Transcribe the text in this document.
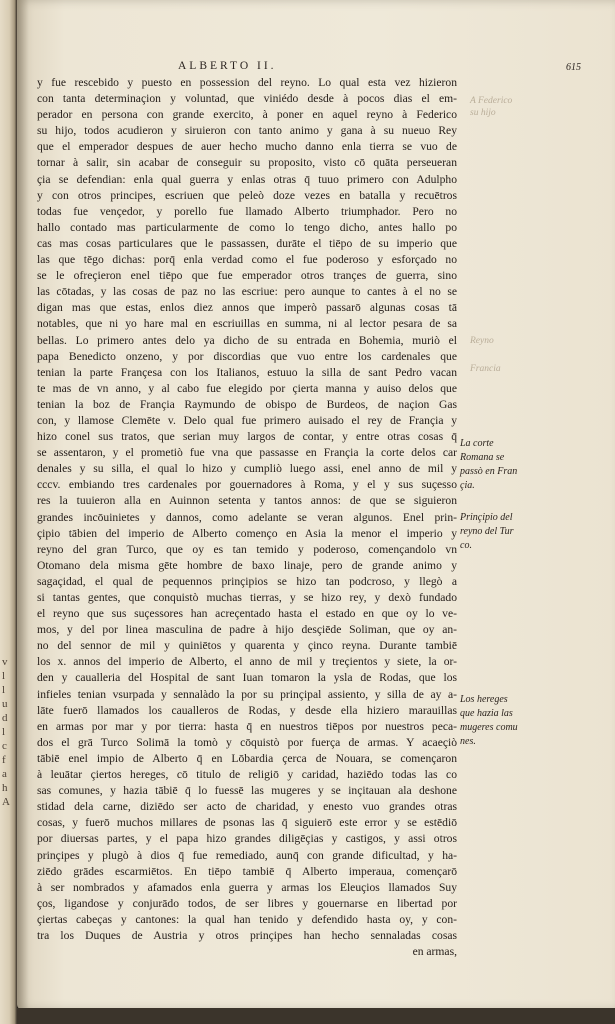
v
l
l
u
d
l
c
f
a
h
A
ALBERTO II.	615
A Federico
su hijo
Reyno
Francia
y fue rescebido y puesto en possession del reyno. Lo qual esta vez hizieron
con tanta determinaçion y voluntad, que viniédo desde à pocos dias el em-
perador en persona con grande exercito, à poner en aquel reyno à Federico
su hijo, todos acudieron y siruieron con tanto animo y gana à su nueuo Rey
que el emperador despues de auer hecho mucho danno enla tierra se vuo de
tornar à salir, sin acabar de conseguir su proposito, visto cō quāta perseueran
çia se defendian: enla qual guerra y enlas otras q̄ tuuo primero con Adulpho
y con otros principes, escriuen que peleò doze vezes en batalla y recuētros
todas fue vençedor, y porello fue llamado Alberto triumphador. Pero no
hallo contado mas particularmente de como lo tengo dicho, antes hallo po
cas mas cosas particulares que le passassen, durāte el tiēpo de su imperio que
las que tēgo dichas: porq̄ enla verdad como el fue poderoso y esforçado no
se le ofreçieron enel tiēpo que fue emperador otros trançes de guerra, sino
las cōtadas, y las cosas de paz no las escriue: pero aunque to cantes à el no se
digan mas que estas, enlos diez annos que imperò passarō algunas cosas tā
notables, que ni yo hare mal en escriuillas en summa, ni al lector pesara de sa
bellas. Lo primero antes delo ya dicho de su entrada en Bohemia, muriò el
papa Benedicto onzeno, y por discordias que vuo entre los cardenales que
tenian la parte Françesa con los Italianos, estuuo la silla de sant Pedro vacan
te mas de vn anno, y al cabo fue elegido por çierta manna y auiso delos que
tenian la boz de Françia Raymundo de obispo de Burdeos, de naçion Gas
con, y llamose Clemēte v. Delo qual fue primero auisado el rey de Françia y
hizo conel sus tratos, que serian muy largos de contar, y entre otras cosas q̄
se assentaron, y el prometiò fue vna que passasse en Françia la corte delos car
denales y su silla, el qual lo hizo y cumpliò luego assi, enel anno de mil y
cccv. embiando tres cardenales por gouernadores à Roma, y el y sus suçesso
res la tuuieron alla en Auinnon setenta y tantos annos: de que se siguieron
grandes incōuinietes y dannos, como adelante se veran algunos. Enel prin-
çipio tābien del imperio de Alberto començo en Asia la menor el imperio y
reyno del gran Turco, que oy es tan temido y poderoso, començandolo vn
Otomano dela misma gēte hombre de baxo linaje, pero de grande animo y
sagaçidad, el qual de pequennos prinçipios se hizo tan podcroso, y llegò a
si tantas gentes, que conquistò muchas tierras, y se hizo rey, y dexò fundado
el reyno que sus suçessores han acreçentado hasta el estado en que oy lo ve-
mos, y del por linea masculina de padre à hijo desçiēde Soliman, que oy an-
no del sennor de mil y quiniētos y quarenta y çinco reyna. Durante tambiē
los x. annos del imperio de Alberto, el anno de mil y treçientos y siete, la or-
den y caualleria del Hospital de sant Iuan tomaron la ysla de Rodas, que los
infieles tenian vsurpada y sennalàdo la por su prinçipal assiento, y silla de ay a-
lāte fuerō llamados los caualleros de Rodas, y desde ella hiziero marauillas
en armas por mar y por tierra: hasta q̄ en nuestros tiēpos por nuestros peca-
dos el grā Turco Solimā la tomò y cōquistò por fuerça de armas. Y acaeçiò
tābiē enel impio de Alberto q̄ en Lōbardia çerca de Nouara, se començaron
à leuātar çiertos hereges, cō titulo de religiō y caridad, haziēdo todas las co
sas comunes, y hazia tābiē q̄ lo fuessē las mugeres y se inçitauan ala deshone
stidad dela carne, diziēdo ser acto de charidad, y enesto vuo grandes otras
cosas, y fuerō muchos millares de psonas las q̄ siguierō este error y se estēdiō
por diuersas partes, y el papa hizo grandes diligēçias y castigos, y assi otros
prinçipes y plugò à dios q̄ fue remediado, aunq̄ con grande dificultad, y ha-
ziēdo grādes escarmiētos. En tiēpo tambiē q̄ Alberto imperaua, començarō
à ser nombrados y afamados enla guerra y armas los Eleuçios llamados Suy
ços, ligandose y conjurādo todos, de ser libres y gouernarse en libertad por
çiertas cabeças y cantones: la qual han tenido y defendido hasta oy, y con-
tra los Duques de Austria y otros prinçipes han hecho sennaladas cosas
en armas,
La corte
Romana se
passò en Fran
çia.
Prinçipio del
reyno del Tur
co.
Los hereges
que hazia las
mugeres comu
nes.
